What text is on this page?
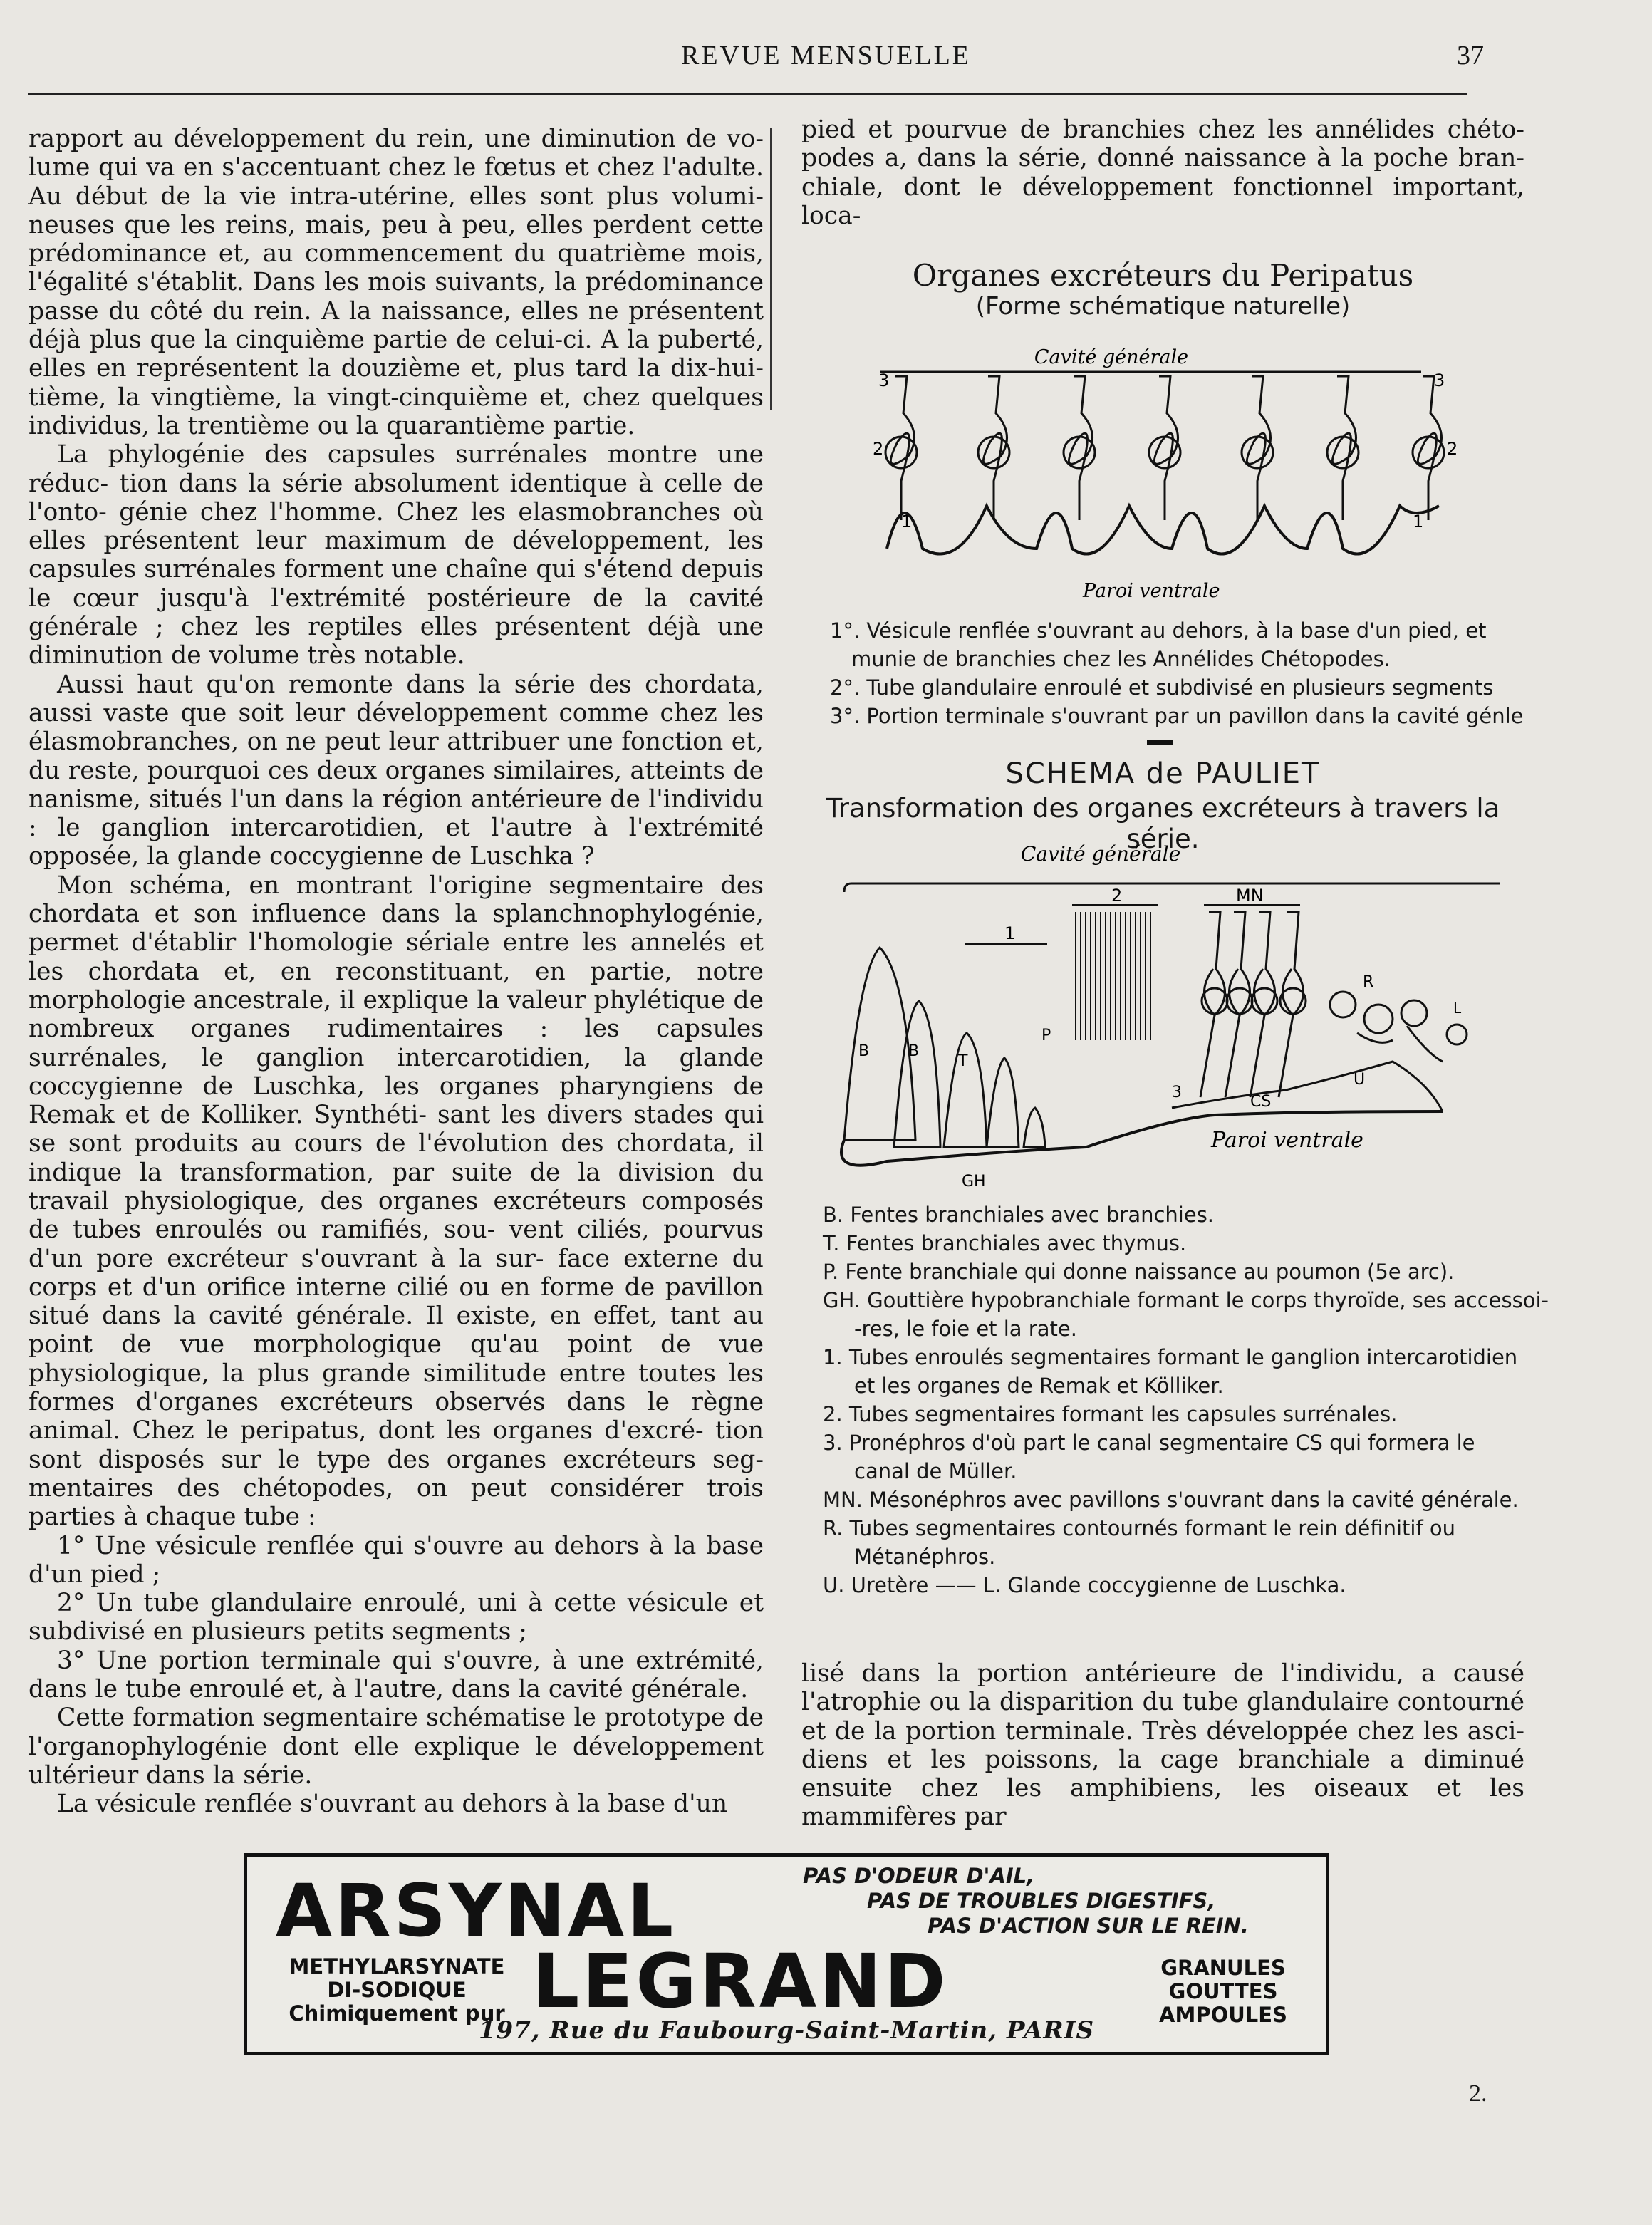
REVUE MENSUELLE	37

rapport au développement du rein, une diminution de vo- lume qui va en s'accentuant chez le fœtus et chez l'adulte. Au début de la vie intra-utérine, elles sont plus volumi- neuses que les reins, mais, peu à peu, elles perdent cette prédominance et, au commencement du quatrième mois, l'égalité s'établit. Dans les mois suivants, la prédominance passe du côté du rein. A la naissance, elles ne présentent déjà plus que la cinquième partie de celui-ci. A la puberté, elles en représentent la douzième et, plus tard la dix-hui- tième, la vingtième, la vingt-cinquième et, chez quelques individus, la trentième ou la quarantième partie.

La phylogénie des capsules surrénales montre une réduc- tion dans la série absolument identique à celle de l'onto- génie chez l'homme. Chez les elasmobranches où elles présentent leur maximum de développement, les capsules surrénales forment une chaîne qui s'étend depuis le cœur jusqu'à l'extrémité postérieure de la cavité générale ; chez les reptiles elles présentent déjà une diminution de volume très notable.

Aussi haut qu'on remonte dans la série des chordata, aussi vaste que soit leur développement comme chez les élasmobranches, on ne peut leur attribuer une fonction et, du reste, pourquoi ces deux organes similaires, atteints de nanisme, situés l'un dans la région antérieure de l'individu : le ganglion intercarotidien, et l'autre à l'extrémité opposée, la glande coccygienne de Luschka ?

Mon schéma, en montrant l'origine segmentaire des chordata et son influence dans la splanchnophylogénie, permet d'établir l'homologie sériale entre les annelés et les chordata et, en reconstituant, en partie, notre morphologie ancestrale, il explique la valeur phylétique de nombreux organes rudimentaires : les capsules surrénales, le ganglion intercarotidien, la glande coccygienne de Luschka, les organes pharyngiens de Remak et de Kolliker. Synthéti- sant les divers stades qui se sont produits au cours de l'évolution des chordata, il indique la transformation, par suite de la division du travail physiologique, des organes excréteurs composés de tubes enroulés ou ramifiés, sou- vent ciliés, pourvus d'un pore excréteur s'ouvrant à la sur- face externe du corps et d'un orifice interne cilié ou en forme de pavillon situé dans la cavité générale. Il existe, en effet, tant au point de vue morphologique qu'au point de vue physiologique, la plus grande similitude entre toutes les formes d'organes excréteurs observés dans le règne animal. Chez le peripatus, dont les organes d'excré- tion sont disposés sur le type des organes excréteurs seg- mentaires des chétopodes, on peut considérer trois parties à chaque tube :

1° Une vésicule renflée qui s'ouvre au dehors à la base d'un pied ;

2° Un tube glandulaire enroulé, uni à cette vésicule et subdivisé en plusieurs petits segments ;

3° Une portion terminale qui s'ouvre, à une extrémité, dans le tube enroulé et, à l'autre, dans la cavité générale.

Cette formation segmentaire schématise le prototype de l'organophylogénie dont elle explique le développement ultérieur dans la série.

La vésicule renflée s'ouvrant au dehors à la base d'un

pied et pourvue de branchies chez les annélides chéto- podes a, dans la série, donné naissance à la poche bran- chiale, dont le développement fonctionnel important, loca-

Organes excréteurs du Peripatus
(Forme schématique naturelle)
Cavité générale
3	3
2	2
1	1
Paroi ventrale
1°. Vésicule renflée s'ouvrant au dehors, à la base d'un pied, et
munie de branchies chez les Annélides Chétopodes.
2°. Tube glandulaire enroulé et subdivisé en plusieurs segments
3°. Portion terminale s'ouvrant par un pavillon dans la cavité génle
SCHEMA de PAULIET
Transformation des organes excréteurs à travers la série.
Cavité générale
2	MN
1
B B
T
P
R
L
U
3
CS
Paroi ventrale
GH
B. Fentes branchiales avec branchies.
T. Fentes branchiales avec thymus.
P. Fente branchiale qui donne naissance au poumon (5e arc).
GH. Gouttière hypobranchiale formant le corps thyroïde, ses accessoi-
-res, le foie et la rate.
1. Tubes enroulés segmentaires formant le ganglion intercarotidien
et les organes de Remak et Kölliker.
2. Tubes segmentaires formant les capsules surrénales.
3. Pronéphros d'où part le canal segmentaire CS qui formera le
canal de Müller.
MN. Mésonéphros avec pavillons s'ouvrant dans la cavité générale.
R. Tubes segmentaires contournés formant le rein définitif ou
Métanéphros.
U. Uretère —— L. Glande coccygienne de Luschka.

lisé dans la portion antérieure de l'individu, a causé l'atrophie ou la disparition du tube glandulaire contourné et de la portion terminale. Très développée chez les asci- diens et les poissons, la cage branchiale a diminué ensuite chez les amphibiens, les oiseaux et les mammifères par

ARSYNAL	PAS D'ODEUR D'AIL,
PAS DE TROUBLES DIGESTIFS,
PAS D'ACTION SUR LE REIN.
METHYLARSYNATE
DI-SODIQUE
Chimiquement pur LEGRAND	GRANULES
GOUTTES
AMPOULES
197, Rue du Faubourg-Saint-Martin, PARIS
2.
